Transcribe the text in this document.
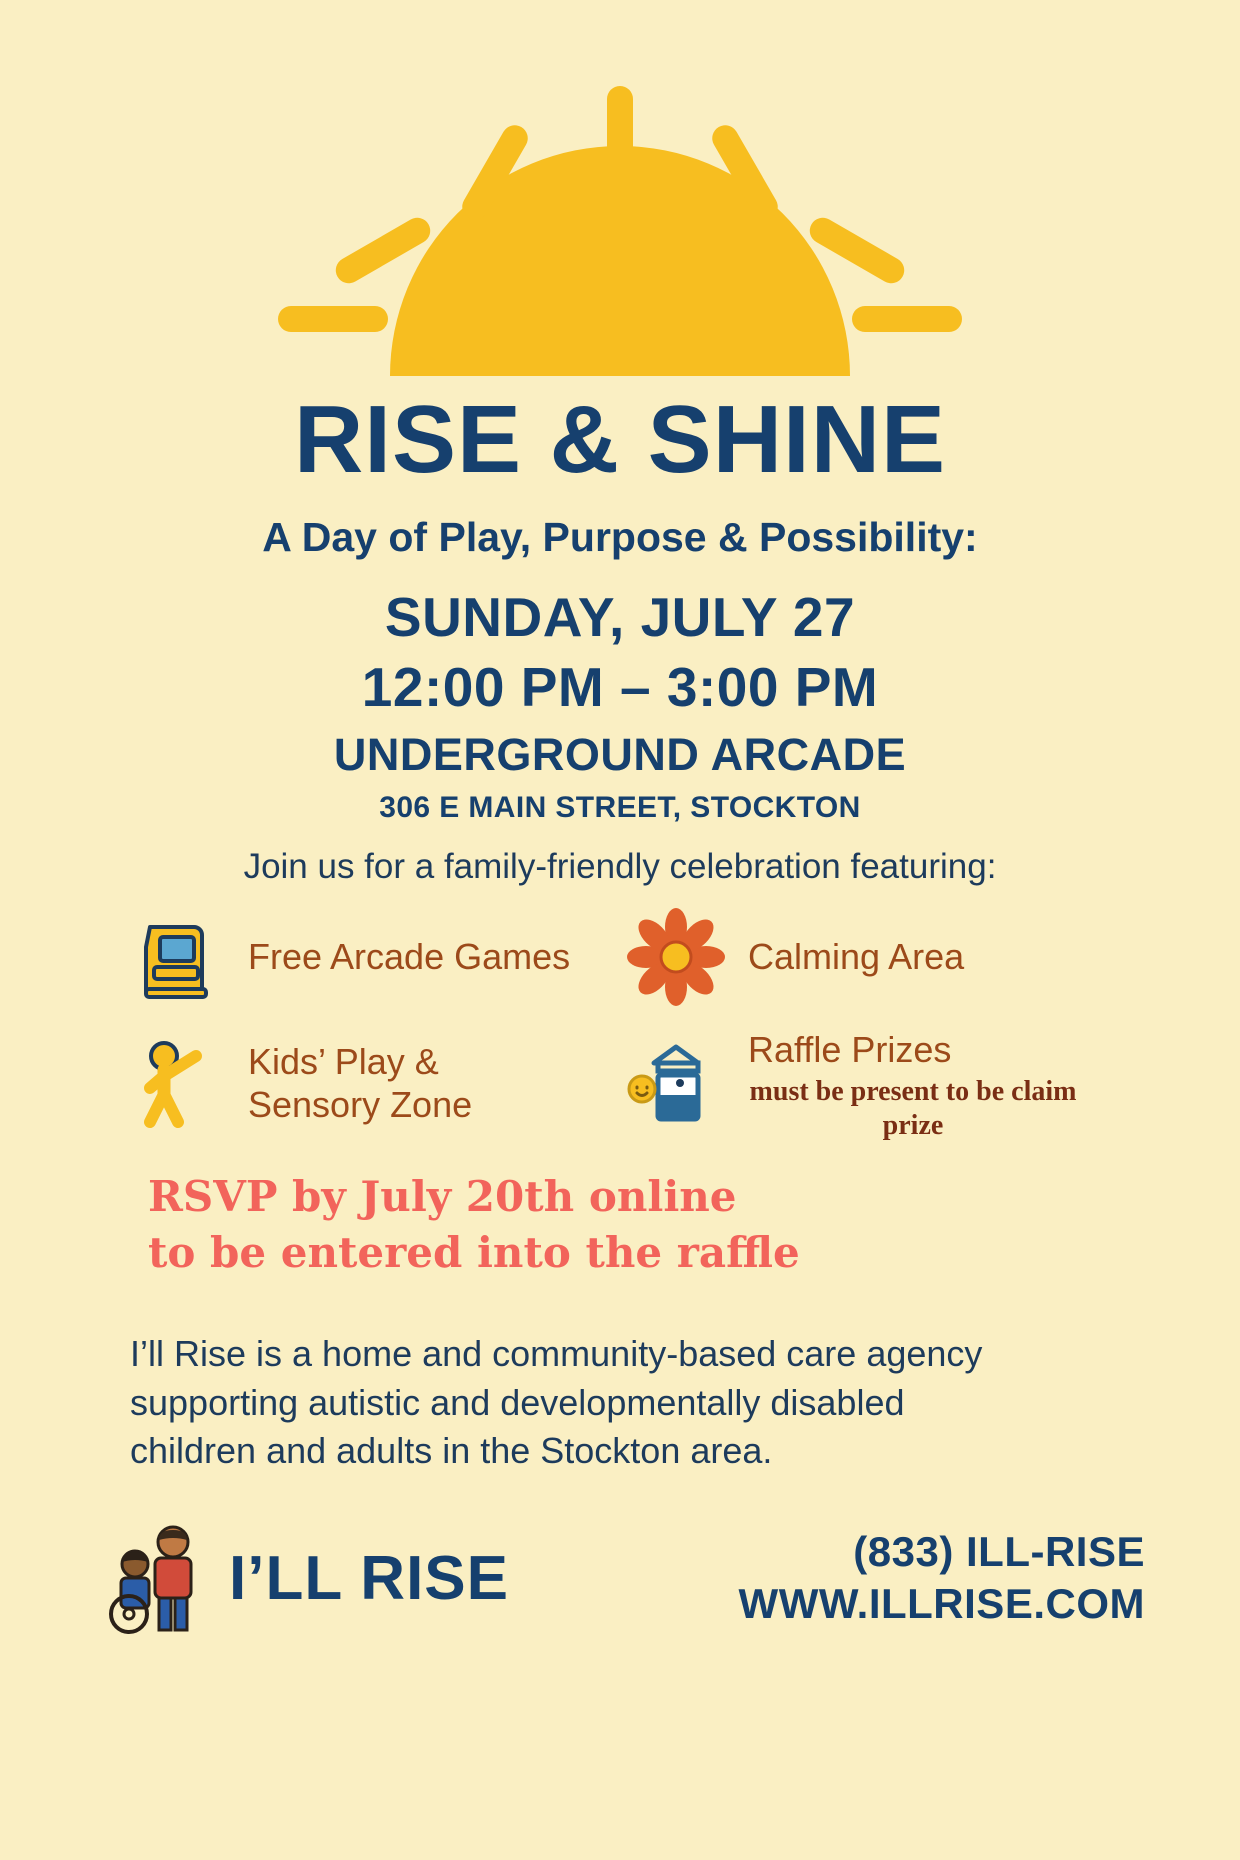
RISE & SHINE
A Day of Play, Purpose & Possibility:
SUNDAY, JULY 27
12:00 PM – 3:00 PM
UNDERGROUND ARCADE
306 E MAIN STREET, STOCKTON
Join us for a family-friendly celebration featuring:
Free Arcade Games	Calming Area
Kids’ Play &
Sensory Zone
Raffle Prizes
must be present to be claim prize
RSVP by July 20th online
to be entered into the raffle
I’ll Rise is a home and community-based care agency
supporting autistic and developmentally disabled
children and adults in the Stockton area.
I’LL RISE	(833) ILL-RISE
WWW.ILLRISE.COM
